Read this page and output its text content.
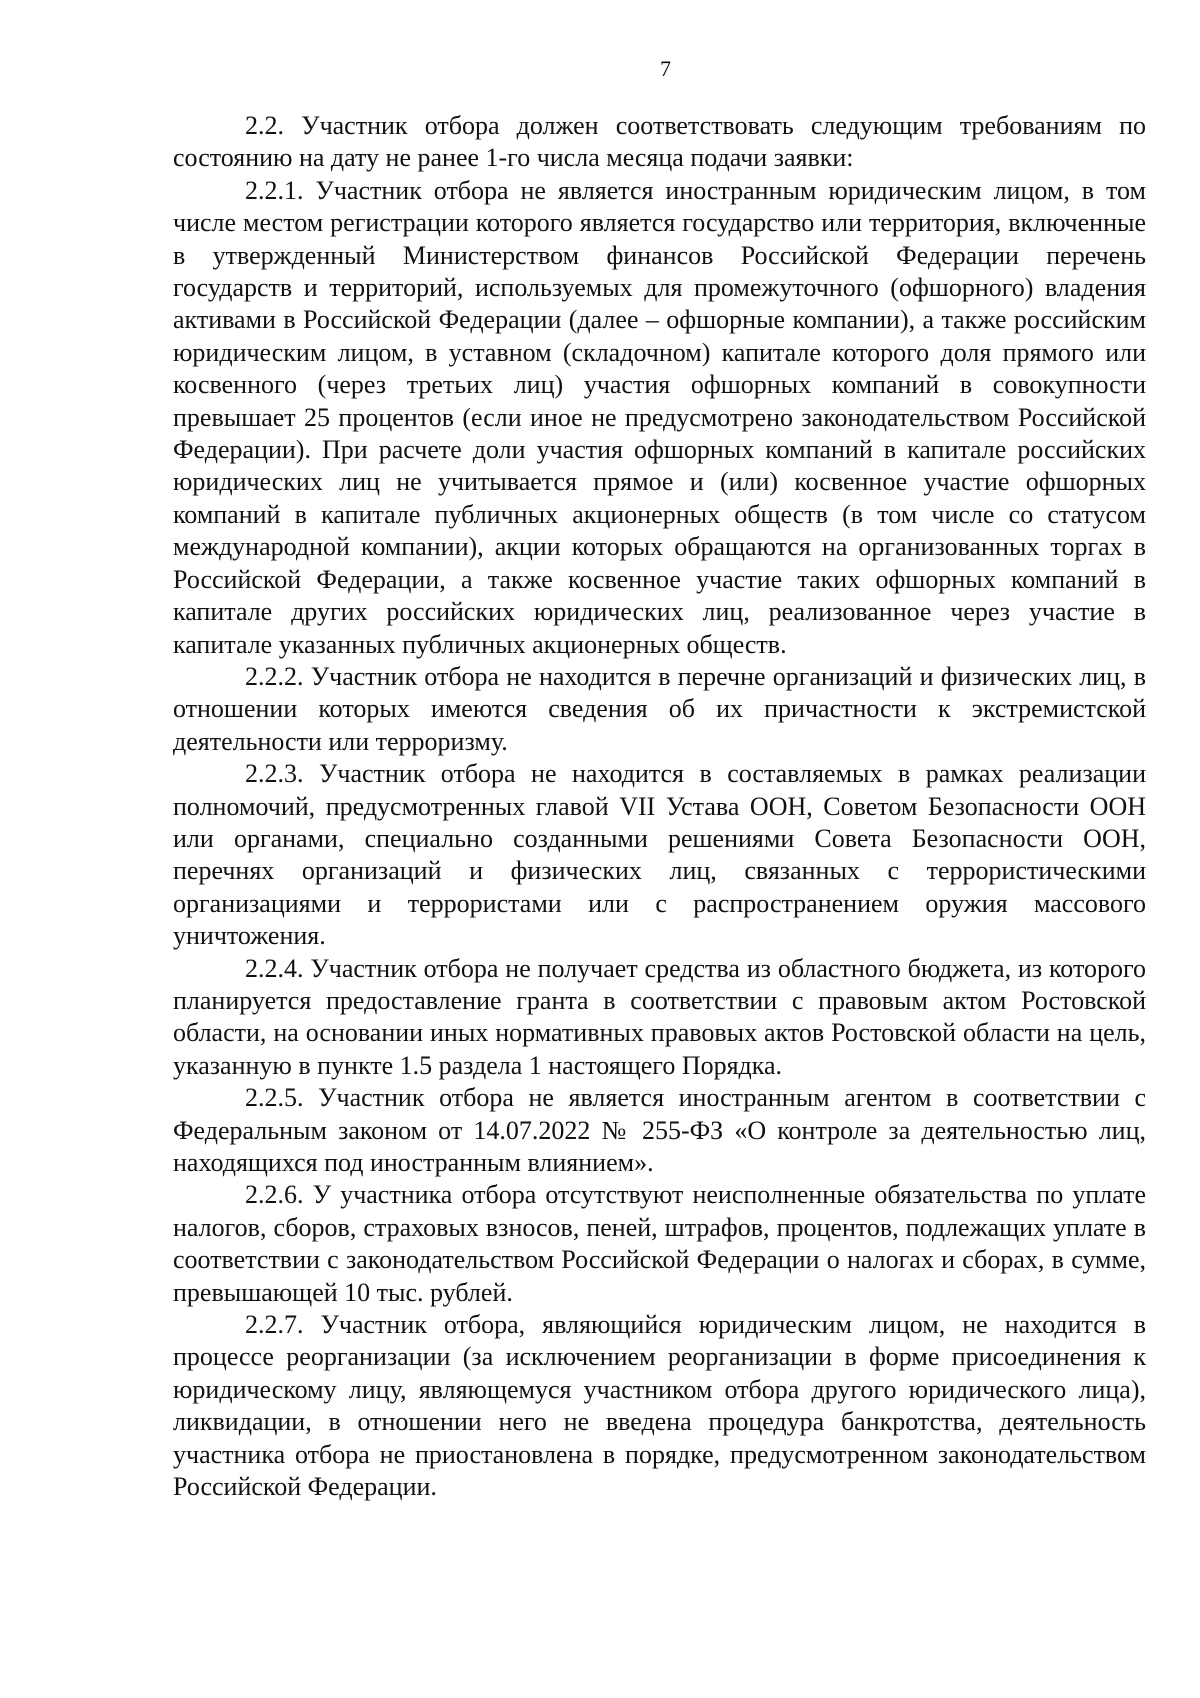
7

2.2. Участник отбора должен соответствовать следующим требованиям по состоянию на дату не ранее 1-го числа месяца подачи заявки:

2.2.1. Участник отбора не является иностранным юридическим лицом, в том числе местом регистрации которого является государство или территория, включенные в утвержденный Министерством финансов Российской Федерации перечень государств и территорий, используемых для промежуточного (офшорного) владения активами в Российской Федерации (далее – офшорные компании), а также российским юридическим лицом, в уставном (складочном) капитале которого доля прямого или косвенного (через третьих лиц) участия офшорных компаний в совокупности превышает 25 процентов (если иное не предусмотрено законодательством Российской Федерации). При расчете доли участия офшорных компаний в капитале российских юридических лиц не учитывается прямое и (или) косвенное участие офшорных компаний в капитале публичных акционерных обществ (в том числе со статусом международной компании), акции которых обращаются на организованных торгах в Российской Федерации, а также косвенное участие таких офшорных компаний в капитале других российских юридических лиц, реализованное через участие в капитале указанных публичных акционерных обществ.

2.2.2. Участник отбора не находится в перечне организаций и физических лиц, в отношении которых имеются сведения об их причастности к экстремистской деятельности или терроризму.

2.2.3. Участник отбора не находится в составляемых в рамках реализации полномочий, предусмотренных главой VII Устава ООН, Советом Безопасности ООН или органами, специально созданными решениями Совета Безопасности ООН, перечнях организаций и физических лиц, связанных с террористическими организациями и террористами или с распространением оружия массового уничтожения.

2.2.4. Участник отбора не получает средства из областного бюджета, из которого планируется предоставление гранта в соответствии с правовым актом Ростовской области, на основании иных нормативных правовых актов Ростовской области на цель, указанную в пункте 1.5 раздела 1 настоящего Порядка.

2.2.5. Участник отбора не является иностранным агентом в соответствии с Федеральным законом от 14.07.2022 № 255-ФЗ «О контроле за деятельностью лиц, находящихся под иностранным влиянием».

2.2.6. У участника отбора отсутствуют неисполненные обязательства по уплате налогов, сборов, страховых взносов, пеней, штрафов, процентов, подлежащих уплате в соответствии с законодательством Российской Федерации о налогах и сборах, в сумме, превышающей 10 тыс. рублей.

2.2.7. Участник отбора, являющийся юридическим лицом, не находится в процессе реорганизации (за исключением реорганизации в форме присоединения к юридическому лицу, являющемуся участником отбора другого юридического лица), ликвидации, в отношении него не введена процедура банкротства, деятельность участника отбора не приостановлена в порядке, предусмотренном законодательством Российской Федерации.
